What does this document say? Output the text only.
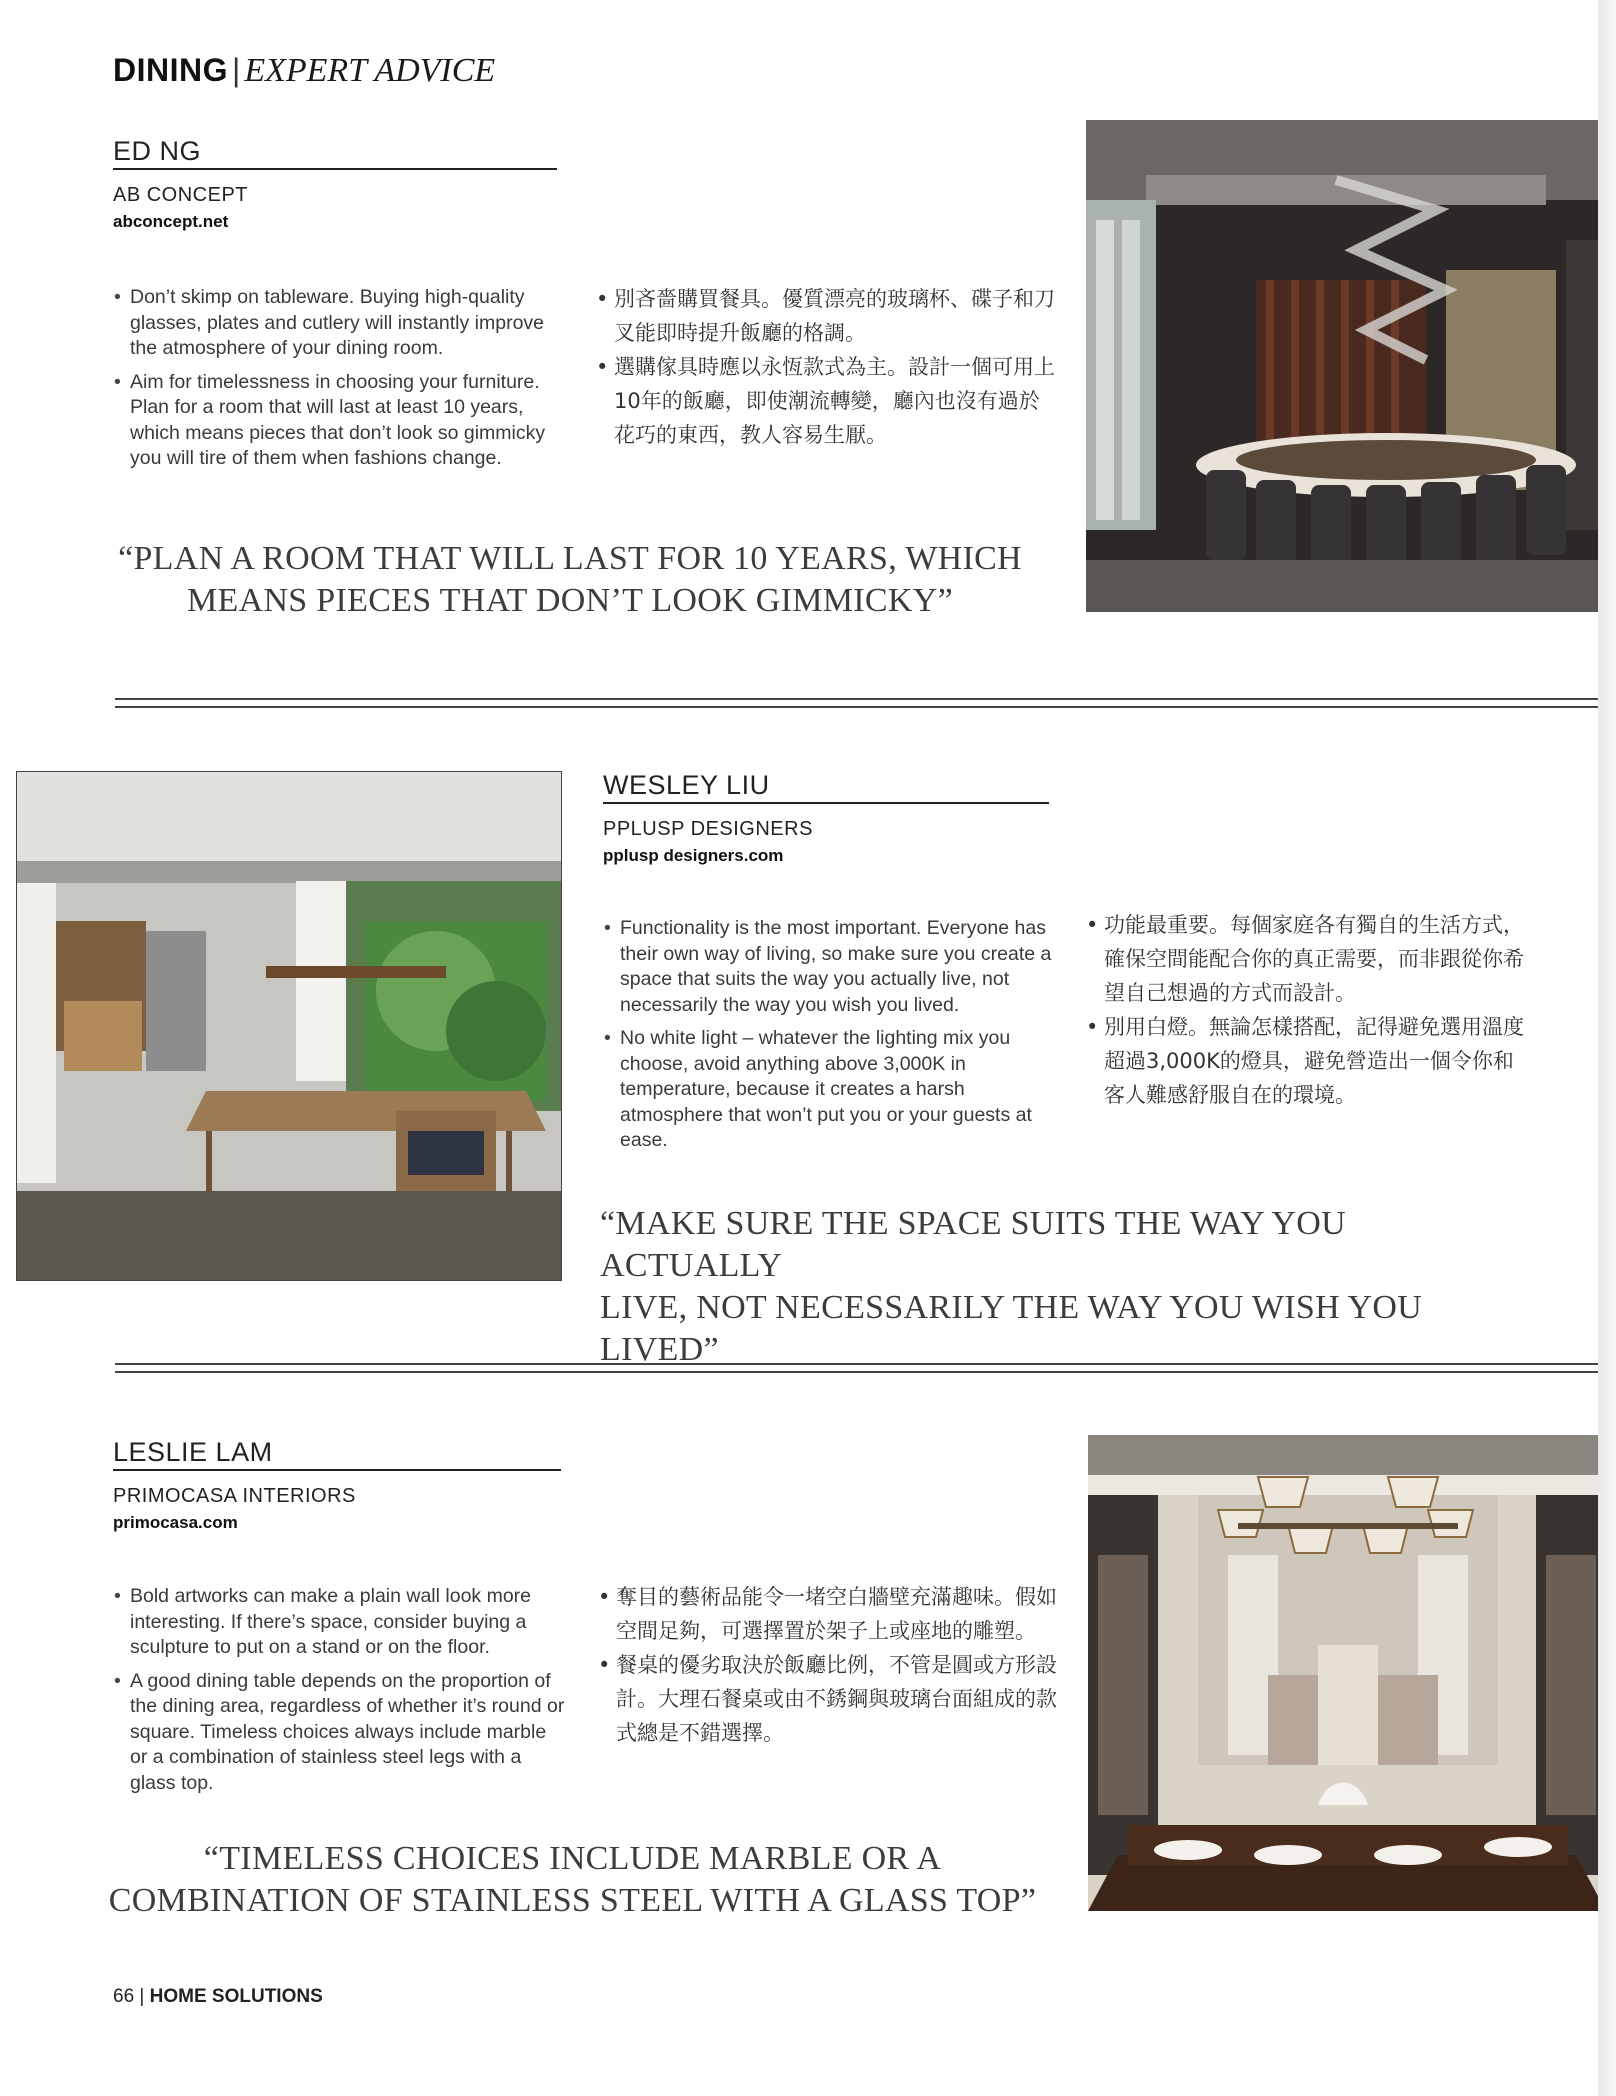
DINING | EXPERT ADVICE
ED NG
AB CONCEPT
abconcept.net
• Don’t skimp on tableware. Buying high-quality glasses, plates and cutlery will instantly improve the atmosphere of your dining room.
• Aim for timelessness in choosing your furniture. Plan for a room that will last at least 10 years, which means pieces that don’t look so gimmicky you will tire of them when fashions change.
• 別吝嗇購買餐具。優質漂亮的玻璃杯、碟子和刀叉能即時提升飯廳的格調。
• 選購傢具時應以永恆款式為主。設計一個可用上10年的飯廳，即使潮流轉變，廳內也沒有過於花巧的東西，教人容易生厭。
“PLAN A ROOM THAT WILL LAST FOR 10 YEARS, WHICH
MEANS PIECES THAT DON’T LOOK GIMMICKY”
WESLEY LIU
PPLUSP DESIGNERS
pplusp designers.com
• Functionality is the most important. Everyone has their own way of living, so make sure you create a space that suits the way you actually live, not necessarily the way you wish you lived.
• No white light – whatever the lighting mix you choose, avoid anything above 3,000K in temperature, because it creates a harsh atmosphere that won’t put you or your guests at ease.
• 功能最重要。每個家庭各有獨自的生活方式，確保空間能配合你的真正需要，而非跟從你希望自己想過的方式而設計。
• 別用白燈。無論怎樣搭配，記得避免選用溫度超過3,000K的燈具，避免營造出一個令你和客人難感舒服自在的環境。
“MAKE SURE THE SPACE SUITS THE WAY YOU ACTUALLY
LIVE, NOT NECESSARILY THE WAY YOU WISH YOU LIVED”
LESLIE LAM
PRIMOCASA INTERIORS
primocasa.com
• Bold artworks can make a plain wall look more interesting. If there’s space, consider buying a sculpture to put on a stand or on the floor.
• A good dining table depends on the proportion of the dining area, regardless of whether it’s round or square. Timeless choices always include marble or a combination of stainless steel legs with a glass top.
• 奪目的藝術品能令一堵空白牆壁充滿趣味。假如空間足夠，可選擇置於架子上或座地的雕塑。
• 餐桌的優劣取決於飯廳比例，不管是圓或方形設計。大理石餐桌或由不銹鋼與玻璃台面組成的款式總是不錯選擇。
“TIMELESS CHOICES INCLUDE MARBLE OR A
COMBINATION OF STAINLESS STEEL WITH A GLASS TOP”
66 | HOME SOLUTIONS
